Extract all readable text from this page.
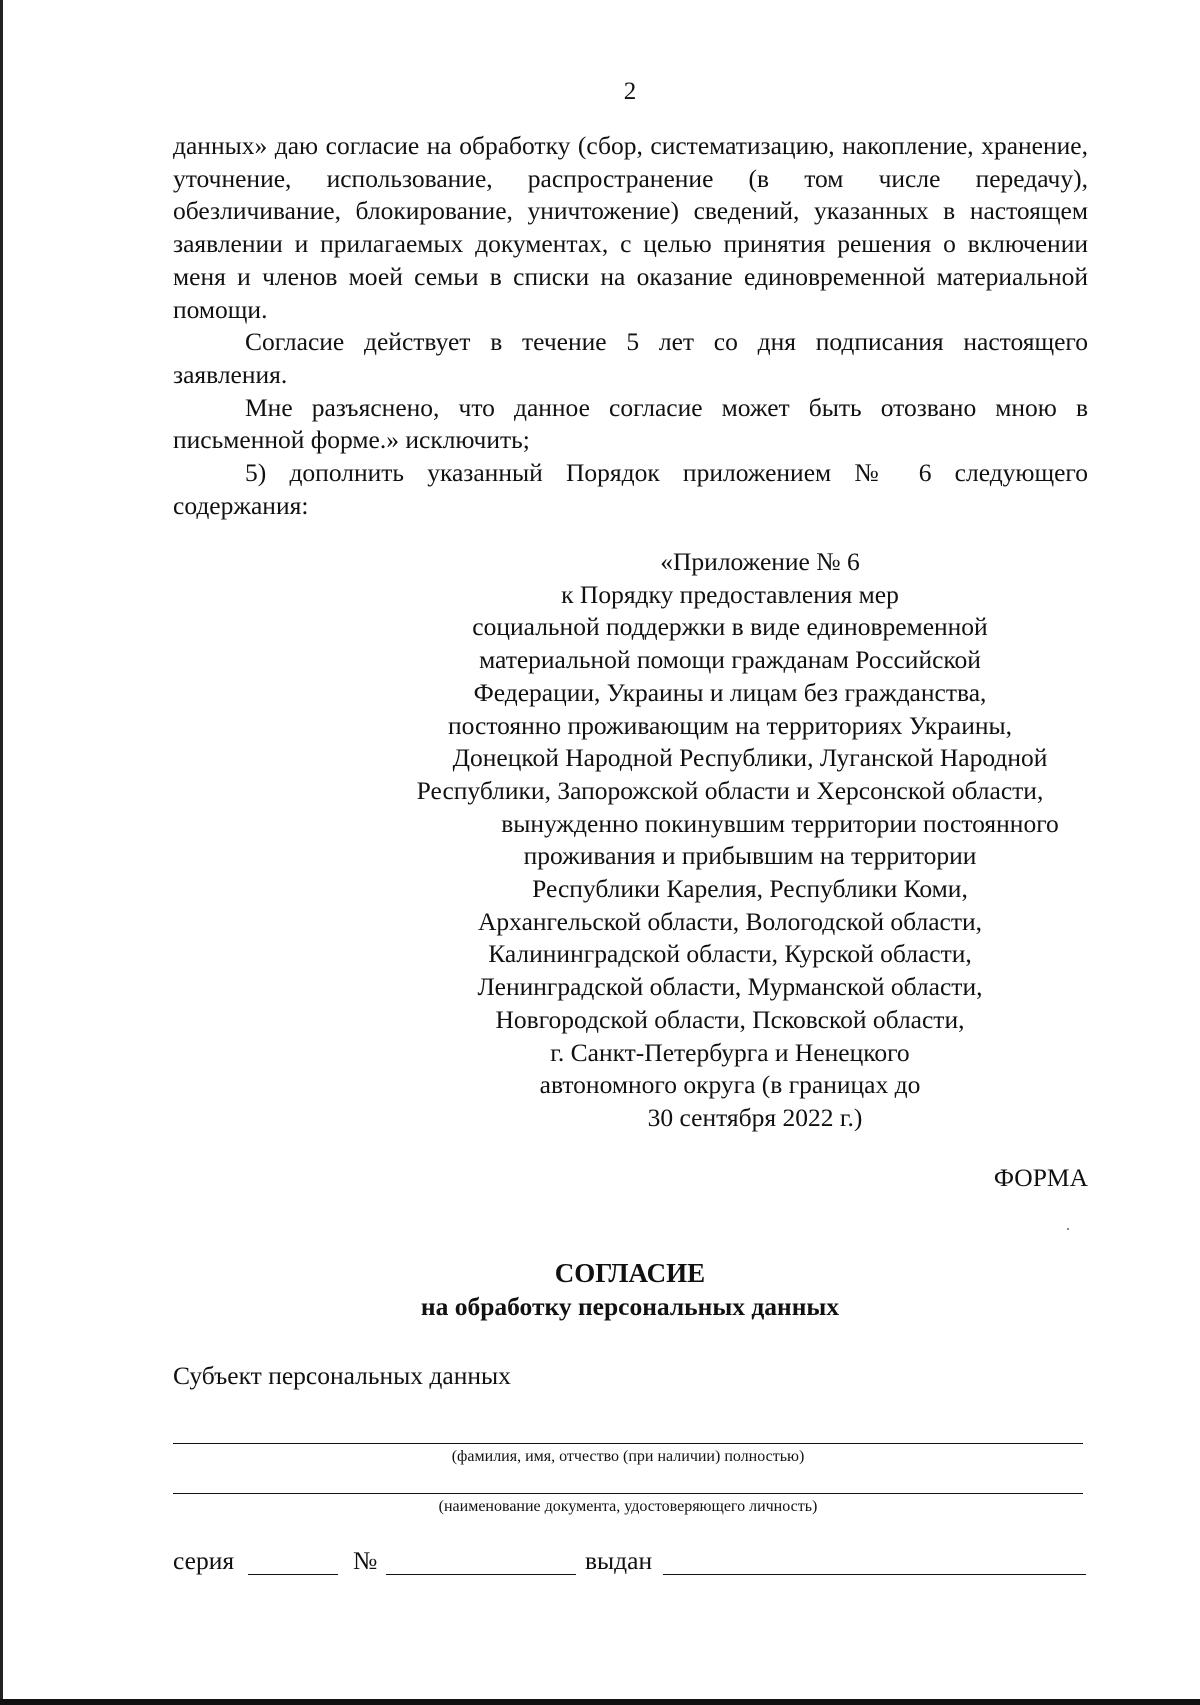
2

данных» даю согласие на обработку (сбор, систематизацию, накопление, хранение, уточнение, использование, распространение (в том числе передачу), обезличивание, блокирование, уничтожение) сведений, указанных в настоящем заявлении и прилагаемых документах, с целью принятия решения о включении меня и членов моей семьи в списки на оказание единовременной материальной помощи.

Согласие действует в течение 5 лет со дня подписания настоящего заявления.

Мне разъяснено, что данное согласие может быть отозвано мною в письменной форме.» исключить;

5) дополнить указанный Порядок приложением № 6 следующего содержания:

«Приложение № 6
к Порядку предоставления мер
социальной поддержки в виде единовременной
материальной помощи гражданам Российской
Федерации, Украины и лицам без гражданства,
постоянно проживающим на территориях Украины,
Донецкой Народной Республики, Луганской Народной
Республики, Запорожской области и Херсонской области,
вынужденно покинувшим территории постоянного
проживания и прибывшим на территории
Республики Карелия, Республики Коми,
Архангельской области, Вологодской области,
Калининградской области, Курской области,
Ленинградской области, Мурманской области,
Новгородской области, Псковской области,
г. Санкт-Петербурга и Ненецкого
автономного округа (в границах до
30 сентября 2022 г.)
ФОРМА
СОГЛАСИЕ
на обработку персональных данных
Субъект персональных данных
(фамилия, имя, отчество (при наличии) полностью)
(наименование документа, удостоверяющего личность)
серия	№	выдан
